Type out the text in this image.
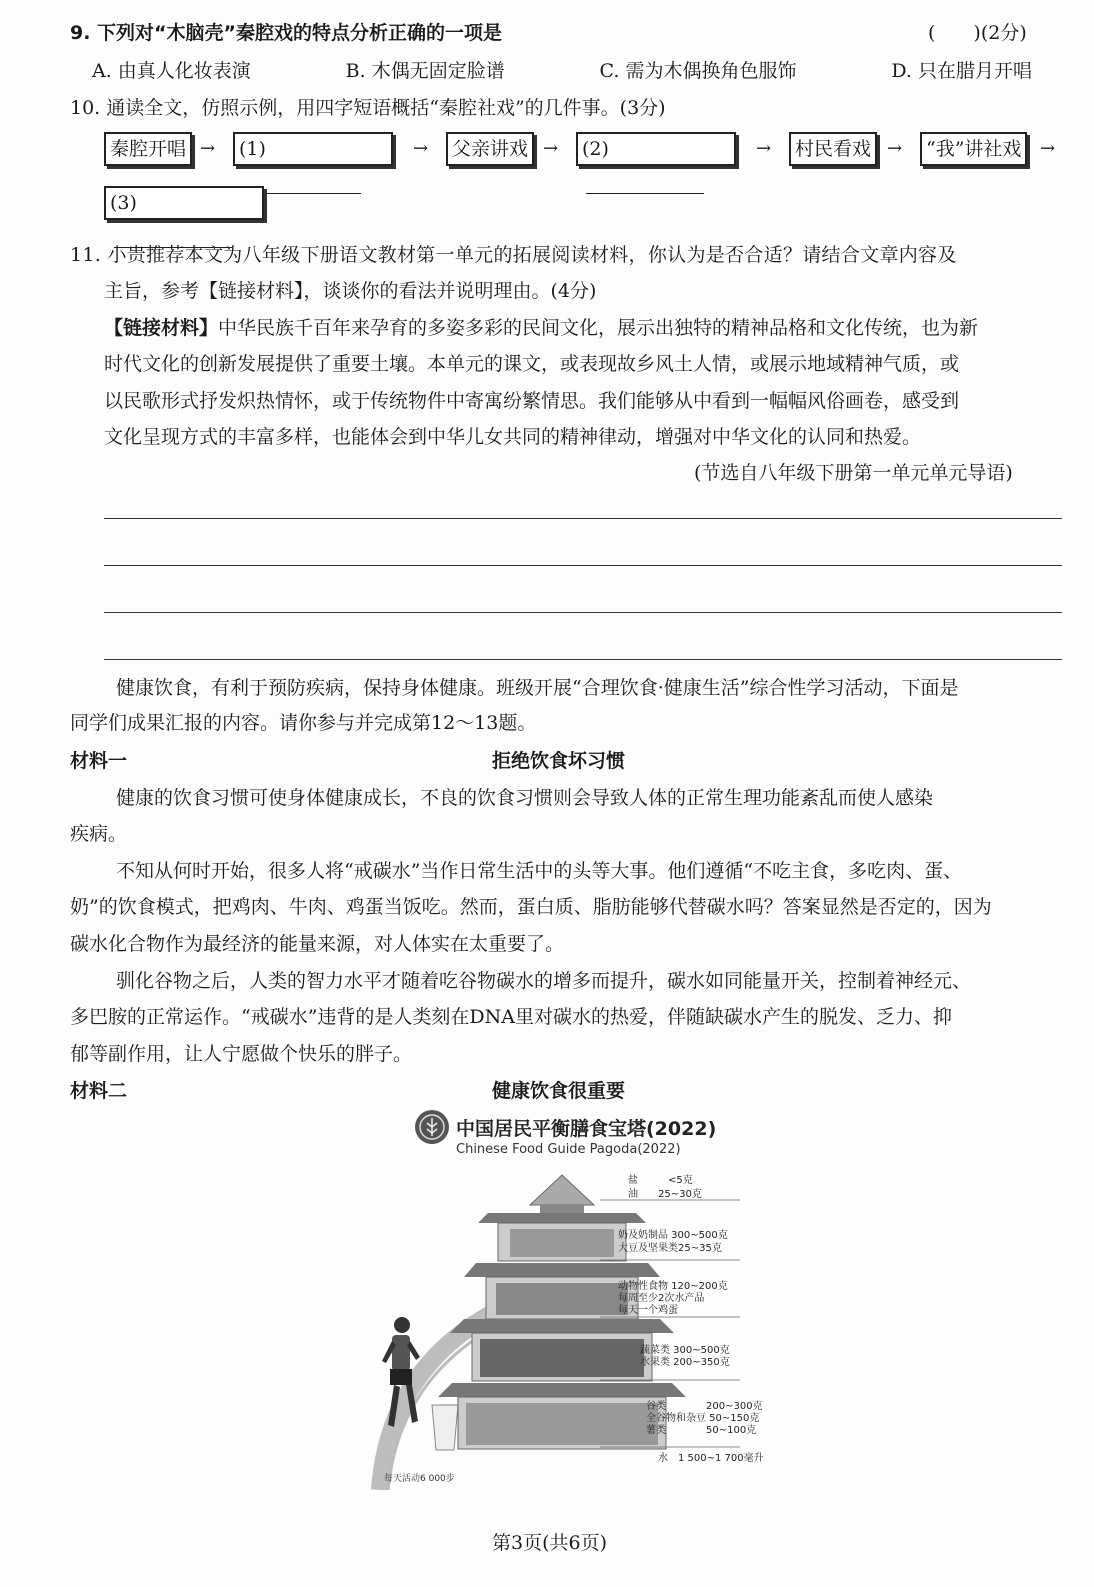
9. 下列对“木脑壳”秦腔戏的特点分析正确的一项是	(　　)(2分)
A. 由真人化妆表演	B. 木偶无固定脸谱	C. 需为木偶换角色服饰	D. 只在腊月开唱
10. 通读全文，仿照示例，用四字短语概括“秦腔社戏”的几件事。(3分)
秦腔开唱 →	(1)	→	父亲讲戏 →	(2)	→	村民看戏 →	“我”讲社戏	→
(3)
11. 小贵推荐本文为八年级下册语文教材第一单元的拓展阅读材料，你认为是否合适？请结合文章内容及
主旨，参考【链接材料】，谈谈你的看法并说明理由。(4分)
【链接材料】中华民族千百年来孕育的多姿多彩的民间文化，展示出独特的精神品格和文化传统，也为新
时代文化的创新发展提供了重要土壤。本单元的课文，或表现故乡风土人情，或展示地域精神气质，或
以民歌形式抒发炽热情怀，或于传统物件中寄寓纷繁情思。我们能够从中看到一幅幅风俗画卷，感受到
文化呈现方式的丰富多样，也能体会到中华儿女共同的精神律动，增强对中华文化的认同和热爱。
(节选自八年级下册第一单元单元导语)
健康饮食，有利于预防疾病，保持身体健康。班级开展“合理饮食·健康生活”综合性学习活动，下面是
同学们成果汇报的内容。请你参与并完成第12～13题。
材料一	拒绝饮食坏习惯
健康的饮食习惯可使身体健康成长，不良的饮食习惯则会导致人体的正常生理功能紊乱而使人感染
疾病。
不知从何时开始，很多人将“戒碳水”当作日常生活中的头等大事。他们遵循“不吃主食，多吃肉、蛋、
奶”的饮食模式，把鸡肉、牛肉、鸡蛋当饭吃。然而，蛋白质、脂肪能够代替碳水吗？答案显然是否定的，因为
碳水化合物作为最经济的能量来源，对人体实在太重要了。
驯化谷物之后，人类的智力水平才随着吃谷物碳水的增多而提升，碳水如同能量开关，控制着神经元、
多巴胺的正常运作。“戒碳水”违背的是人类刻在DNA里对碳水的热爱，伴随缺碳水产生的脱发、乏力、抑
郁等副作用，让人宁愿做个快乐的胖子。
材料二	健康饮食很重要
中国居民平衡膳食宝塔(2022)
Chinese Food Guide Pagoda(2022)
每天活动6 000步
盐　　　<5克
油　　25~30克
奶及奶制品 300~500克
大豆及坚果类25~35克
动物性食物 120~200克
每周至少2次水产品
每天一个鸡蛋
蔬菜类 300~500克
水果类 200~350克
谷类　　　　200~300克
全谷物和杂豆 50~150克
薯类　　　　50~100克
水　1 500~1 700毫升
第3页(共6页)
